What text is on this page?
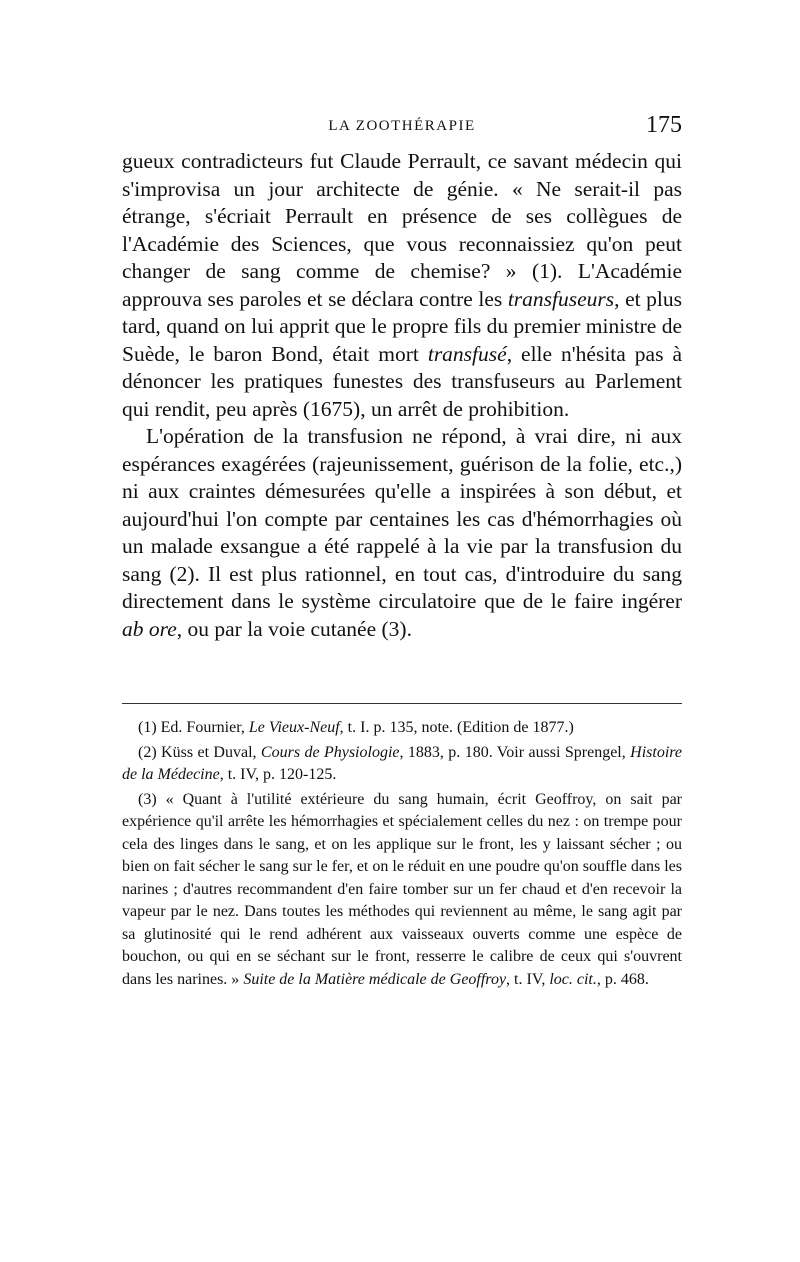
LA ZOOTHÉRAPIE	175

gueux contradicteurs fut Claude Perrault, ce savant médecin qui s'improvisa un jour architecte de génie. « Ne serait-il pas étrange, s'écriait Perrault en présence de ses collègues de l'Académie des Sciences, que vous reconnaissiez qu'on peut changer de sang comme de chemise? » (1). L'Académie approuva ses paroles et se déclara contre les transfuseurs, et plus tard, quand on lui apprit que le propre fils du premier ministre de Suède, le baron Bond, était mort transfusé, elle n'hésita pas à dénoncer les pratiques funestes des transfuseurs au Parlement qui rendit, peu après (1675), un arrêt de prohibition.

L'opération de la transfusion ne répond, à vrai dire, ni aux espérances exagérées (rajeunissement, guérison de la folie, etc.,) ni aux craintes démesurées qu'elle a inspirées à son début, et aujourd'hui l'on compte par centaines les cas d'hémorrhagies où un malade exsangue a été rappelé à la vie par la transfusion du sang (2). Il est plus rationnel, en tout cas, d'introduire du sang directement dans le système circulatoire que de le faire ingérer ab ore, ou par la voie cutanée (3).

(1) Ed. Fournier, Le Vieux-Neuf, t. I. p. 135, note. (Edition de 1877.)

(2) Küss et Duval, Cours de Physiologie, 1883, p. 180. Voir aussi Sprengel, Histoire de la Médecine, t. IV, p. 120-125.

(3) « Quant à l'utilité extérieure du sang humain, écrit Geoffroy, on sait par expérience qu'il arrête les hémorrhagies et spécialement celles du nez : on trempe pour cela des linges dans le sang, et on les applique sur le front, les y laissant sécher ; ou bien on fait sécher le sang sur le fer, et on le réduit en une poudre qu'on souffle dans les narines ; d'autres recommandent d'en faire tomber sur un fer chaud et d'en recevoir la vapeur par le nez. Dans toutes les méthodes qui reviennent au même, le sang agit par sa glutinosité qui le rend adhérent aux vaisseaux ouverts comme une espèce de bouchon, ou qui en se séchant sur le front, resserre le calibre de ceux qui s'ouvrent dans les narines. » Suite de la Matière médicale de Geoffroy, t. IV, loc. cit., p. 468.
